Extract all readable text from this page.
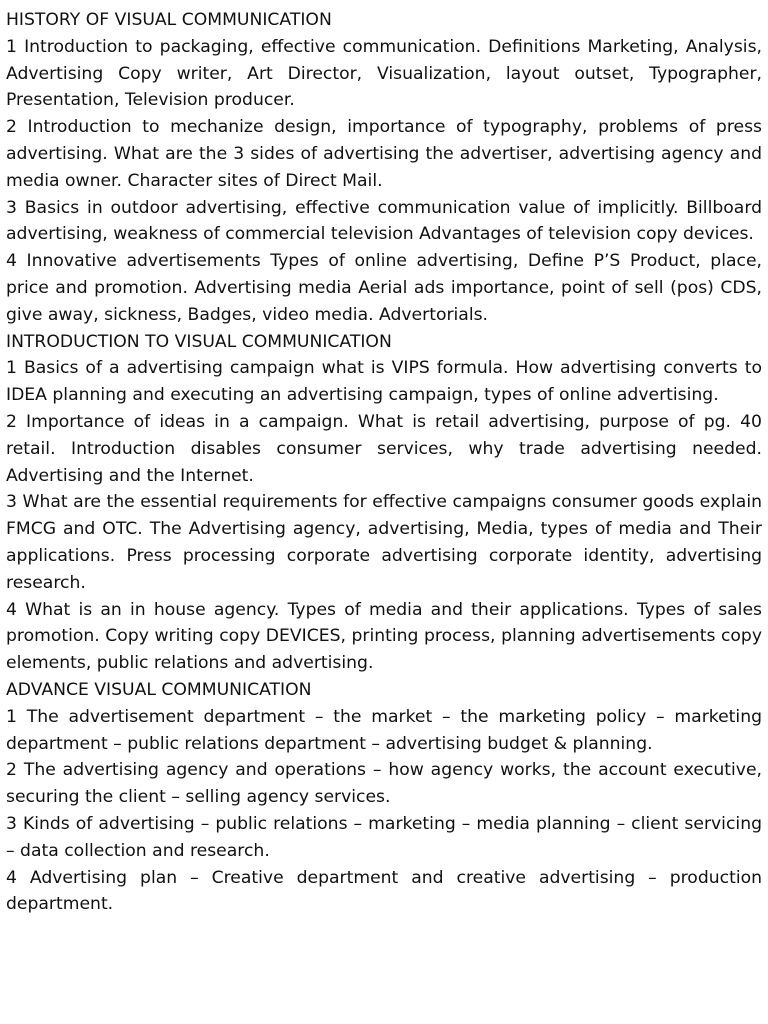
HISTORY OF VISUAL COMMUNICATION

1 Introduction to packaging, effective communication. Definitions Marketing, Analysis, Advertising Copy writer, Art Director, Visualization, layout outset, Typographer, Presentation, Television producer.

2 Introduction to mechanize design, importance of typography, problems of press advertising. What are the 3 sides of advertising the advertiser, advertising agency and media owner. Character sites of Direct Mail.

3 Basics in outdoor advertising, effective communication value of implicitly. Billboard advertising, weakness of commercial television Advantages of television copy devices.

4 Innovative advertisements Types of online advertising, Define P’S Product, place, price and promotion. Advertising media Aerial ads importance, point of sell (pos) CDS, give away, sickness, Badges, video media. Advertorials.

INTRODUCTION TO VISUAL COMMUNICATION

1 Basics of a advertising campaign what is VIPS formula. How advertising converts to IDEA planning and executing an advertising campaign, types of online advertising.

2 Importance of ideas in a campaign. What is retail advertising, purpose of pg. 40 retail. Introduction disables consumer services, why trade advertising needed. Advertising and the Internet.

3 What are the essential requirements for effective campaigns consumer goods explain FMCG and OTC. The Advertising agency, advertising, Media, types of media and Their applications. Press processing corporate advertising corporate identity, advertising research.

4 What is an in house agency. Types of media and their applications. Types of sales promotion. Copy writing copy DEVICES, printing process, planning advertisements copy elements, public relations and advertising.

ADVANCE VISUAL COMMUNICATION

1 The advertisement department – the market – the marketing policy – marketing department – public relations department – advertising budget & planning.

2 The advertising agency and operations – how agency works, the account executive, securing the client – selling agency services.

3 Kinds of advertising – public relations – marketing – media planning – client servicing – data collection and research.

4 Advertising plan – Creative department and creative advertising – production department.
